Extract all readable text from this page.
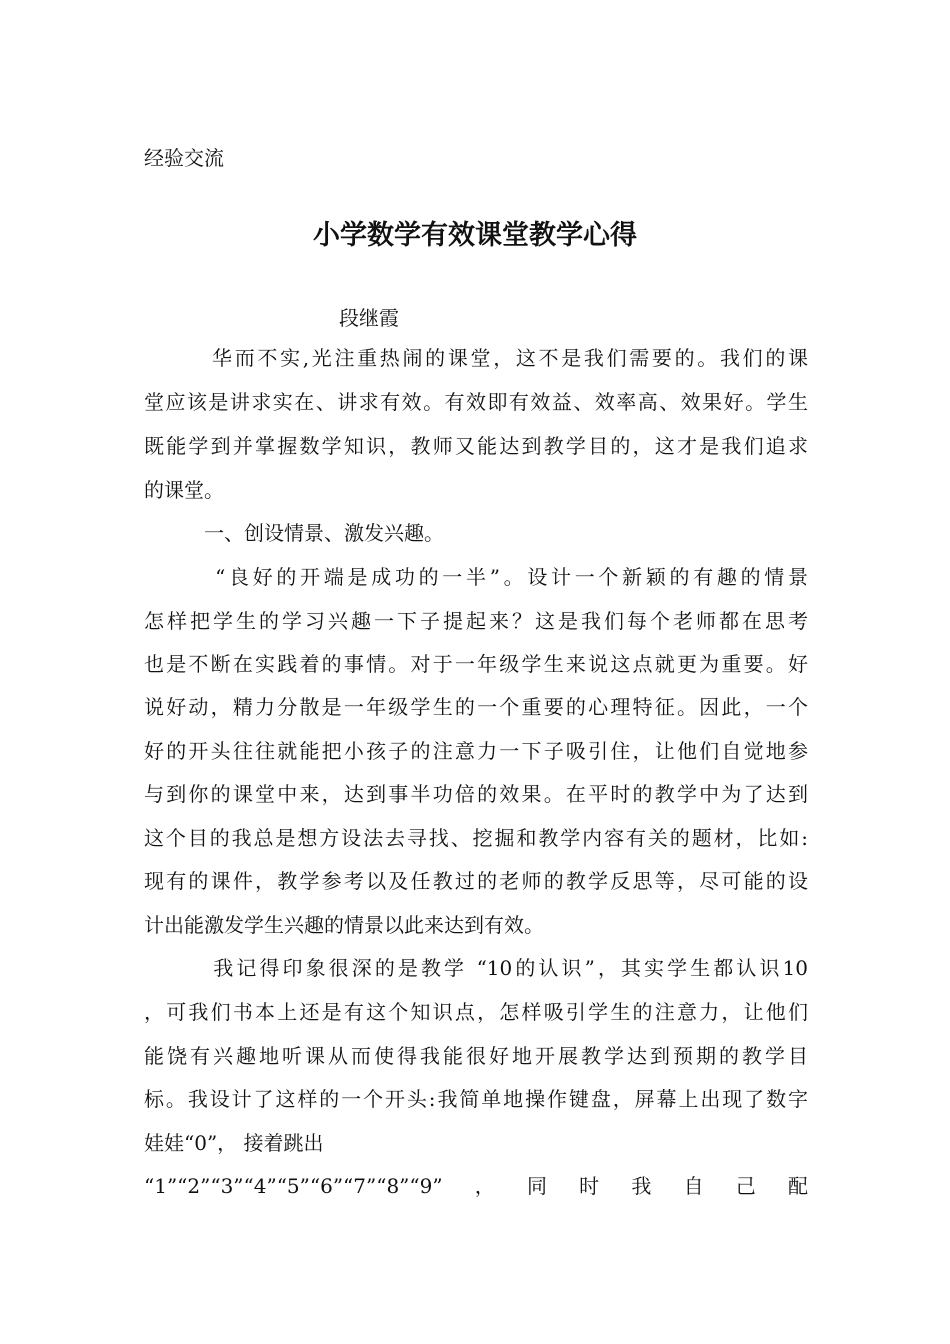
经验交流
小学数学有效课堂教学心得
段继霞
　　　华而不实,光注重热闹的课堂，这不是我们需要的。我们的课
堂应该是讲求实在、讲求有效。有效即有效益、效率高、效果好。学生
既能学到并掌握数学知识，教师又能达到教学目的，这才是我们追求
的课堂。
　　　一、创设情景、激发兴趣。
　　　“良好的开端是成功的一半”。设计一个新颖的有趣的情景
怎样把学生的学习兴趣一下子提起来？这是我们每个老师都在思考
也是不断在实践着的事情。对于一年级学生来说这点就更为重要。好
说好动，精力分散是一年级学生的一个重要的心理特征。因此，一个
好的开头往往就能把小孩子的注意力一下子吸引住，让他们自觉地参
与到你的课堂中来，达到事半功倍的效果。在平时的教学中为了达到
这个目的我总是想方设法去寻找、挖掘和教学内容有关的题材，比如:
现有的课件，教学参考以及任教过的老师的教学反思等，尽可能的设
计出能激发学生兴趣的情景以此来达到有效。
　　　我记得印象很深的是教学 “10的认识”，其实学生都认识10
，可我们书本上还是有这个知识点，怎样吸引学生的注意力，让他们
能饶有兴趣地听课从而使得我能很好地开展教学达到预期的教学目
标。我设计了这样的一个开头:我简单地操作键盘，屏幕上出现了数字
娃娃“0”， 接着跳出
“1”“2”“3”“4”“5”“6”“7”“8”“9”，同时我自己配
